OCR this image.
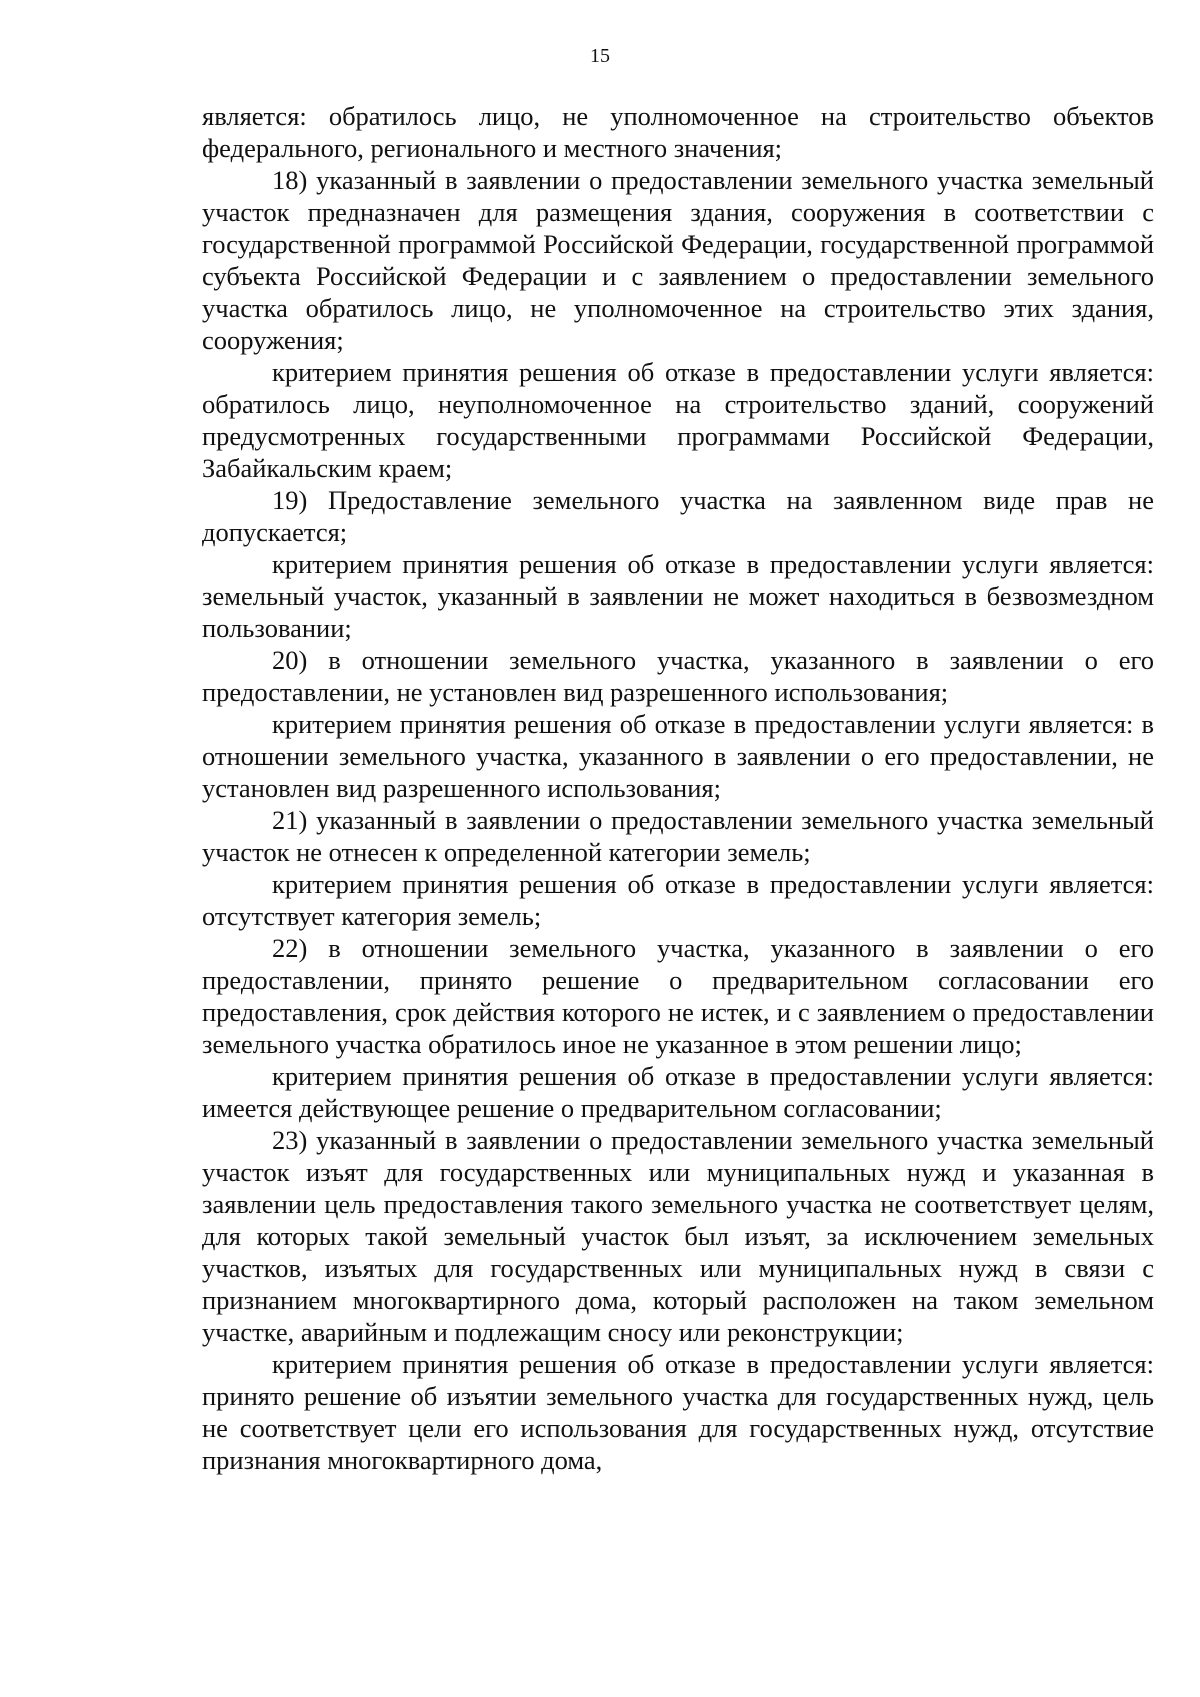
15

является: обратилось лицо, не уполномоченное на строительство объектов федерального, регионального и местного значения;

18) указанный в заявлении о предоставлении земельного участка земельный участок предназначен для размещения здания, сооружения в соответствии с государственной программой Российской Федерации, государственной программой субъекта Российской Федерации и с заявлением о предоставлении земельного участка обратилось лицо, не уполномоченное на строительство этих здания, сооружения;

критерием принятия решения об отказе в предоставлении услуги является: обратилось лицо, неуполномоченное на строительство зданий, сооружений предусмотренных государственными программами Российской Федерации, Забайкальским краем;

19) Предоставление земельного участка на заявленном виде прав не допускается;

критерием принятия решения об отказе в предоставлении услуги является: земельный участок, указанный в заявлении не может находиться в безвозмездном пользовании;

20) в отношении земельного участка, указанного в заявлении о его предоставлении, не установлен вид разрешенного использования;

критерием принятия решения об отказе в предоставлении услуги является: в отношении земельного участка, указанного в заявлении о его предоставлении, не установлен вид разрешенного использования;

21) указанный в заявлении о предоставлении земельного участка земельный участок не отнесен к определенной категории земель;

критерием принятия решения об отказе в предоставлении услуги является: отсутствует категория земель;

22) в отношении земельного участка, указанного в заявлении о его предоставлении, принято решение о предварительном согласовании его предоставления, срок действия которого не истек, и с заявлением о предоставлении земельного участка обратилось иное не указанное в этом решении лицо;

критерием принятия решения об отказе в предоставлении услуги является: имеется действующее решение о предварительном согласовании;

23) указанный в заявлении о предоставлении земельного участка земельный участок изъят для государственных или муниципальных нужд и указанная в заявлении цель предоставления такого земельного участка не соответствует целям, для которых такой земельный участок был изъят, за исключением земельных участков, изъятых для государственных или муниципальных нужд в связи с признанием многоквартирного дома, который расположен на таком земельном участке, аварийным и подлежащим сносу или реконструкции;

критерием принятия решения об отказе в предоставлении услуги является: принято решение об изъятии земельного участка для государственных нужд, цель не соответствует цели его использования для государственных нужд, отсутствие признания многоквартирного дома,
